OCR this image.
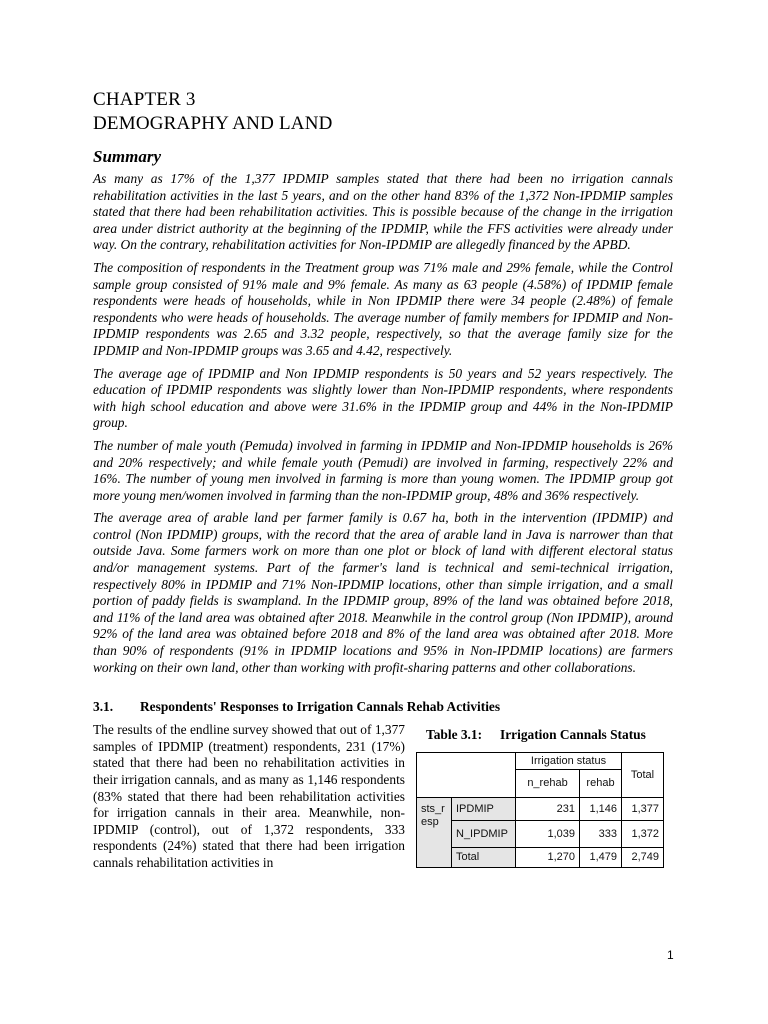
CHAPTER 3
DEMOGRAPHY AND LAND
Summary

As many as 17% of the 1,377 IPDMIP samples stated that there had been no irrigation cannals rehabilitation activities in the last 5 years, and on the other hand 83% of the 1,372 Non-IPDMIP samples stated that there had been rehabilitation activities. This is possible because of the change in the irrigation area under district authority at the beginning of the IPDMIP, while the FFS activities were already under way. On the contrary, rehabilitation activities for Non-IPDMIP are allegedly financed by the APBD.

The composition of respondents in the Treatment group was 71% male and 29% female, while the Control sample group consisted of 91% male and 9% female. As many as 63 people (4.58%) of IPDMIP female respondents were heads of households, while in Non IPDMIP there were 34 people (2.48%) of female respondents who were heads of households. The average number of family members for IPDMIP and Non-IPDMIP respondents was 2.65 and 3.32 people, respectively, so that the average family size for the IPDMIP and Non-IPDMIP groups was 3.65 and 4.42, respectively.

The average age of IPDMIP and Non IPDMIP respondents is 50 years and 52 years respectively. The education of IPDMIP respondents was slightly lower than Non-IPDMIP respondents, where respondents with high school education and above were 31.6% in the IPDMIP group and 44% in the Non-IPDMIP group.

The number of male youth (Pemuda) involved in farming in IPDMIP and Non-IPDMIP households is 26% and 20% respectively; and while female youth (Pemudi) are involved in farming, respectively 22% and 16%. The number of young men involved in farming is more than young women. The IPDMIP group got more young men/women involved in farming than the non-IPDMIP group, 48% and 36% respectively.

The average area of arable land per farmer family is 0.67 ha, both in the intervention (IPDMIP) and control (Non IPDMIP) groups, with the record that the area of arable land in Java is narrower than that outside Java. Some farmers work on more than one plot or block of land with different electoral status and/or management systems. Part of the farmer's land is technical and semi-technical irrigation, respectively 80% in IPDMIP and 71% Non-IPDMIP locations, other than simple irrigation, and a small portion of paddy fields is swampland. In the IPDMIP group, 89% of the land was obtained before 2018, and 11% of the land area was obtained after 2018. Meanwhile in the control group (Non IPDMIP), around 92% of the land area was obtained before 2018 and 8% of the land area was obtained after 2018. More than 90% of respondents (91% in IPDMIP locations and 95% in Non-IPDMIP locations) are farmers working on their own land, other than working with profit-sharing patterns and other collaborations.

3.1.	Respondents' Responses to Irrigation Cannals Rehab Activities

The results of the endline survey showed that out of 1,377 samples of IPDMIP (treatment) respondents, 231 (17%) stated that there had been no rehabilitation activities in their irrigation cannals, and as many as 1,146 respondents (83% stated that there had been rehabilitation activities for irrigation cannals in their area. Meanwhile, non- IPDMIP (control), out of 1,372 respondents, 333 respondents (24%) stated that there had been irrigation cannals rehabilitation activities in

Table 3.1:	Irrigation Cannals Status
		Irrigation status		Total
		n_rehab	rehab	
sts_resp	IPDMIP	231	1,146	1,377
	N_IPDMIP	1,039	333	1,372
	Total	1,270	1,479	2,749
1
